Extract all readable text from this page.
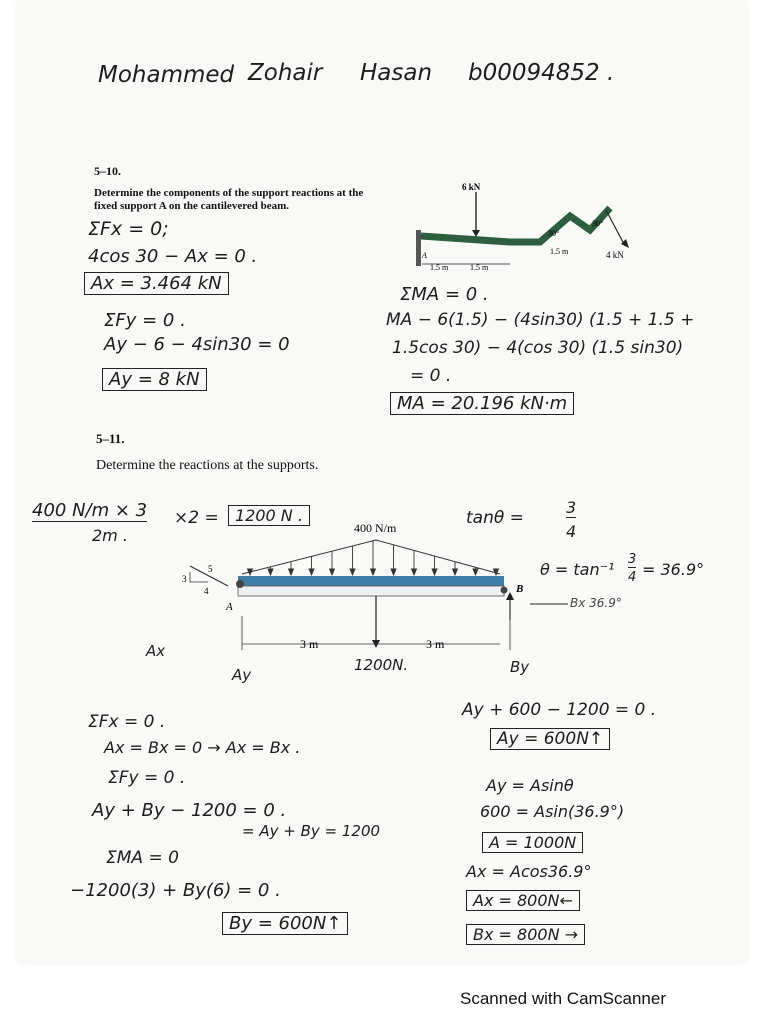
Mohammed Zohair Hasan b00094852 .
5–10.
Determine the components of the support reactions at the
fixed support A on the cantilevered beam.
6 kN
4 kN
30°
30°
1.5 m	1.5 m
1.5 m
A
ΣFx = 0;
4cos 30 − Ax = 0 .
Ax = 3.464 kN
ΣFy = 0 .
Ay − 6 − 4sin30 = 0
Ay = 8 kN
ΣMA = 0 .
MA − 6(1.5) − (4sin30) (1.5 + 1.5 +
1.5cos 30) − 4(cos 30) (1.5 sin30)
= 0 .
MA = 20.196 kN·m
5–11.
Determine the reactions at the supports.
400 N/m × 3
2m .
×2 =	1200 N .	tanθ =
3
4
θ = tan⁻¹
3
4 = 36.9°
400 N/m
3
5
4
A
B
3 m	3 m
Bx 36.9°
Ax
Ay
1200N.	By
ΣFx = 0 .
Ax = Bx = 0 → Ax = Bx .
ΣFy = 0 .
Ay + By − 1200 = 0 .
= Ay + By = 1200
ΣMA = 0
−1200(3) + By(6) = 0 .
By = 600N↑
Ay + 600 − 1200 = 0 .
Ay = 600N↑
Ay = Asinθ
600 = Asin(36.9°)
A = 1000N
Ax = Acos36.9°
Ax = 800N←
Bx = 800N →
Scanned with CamScanner
